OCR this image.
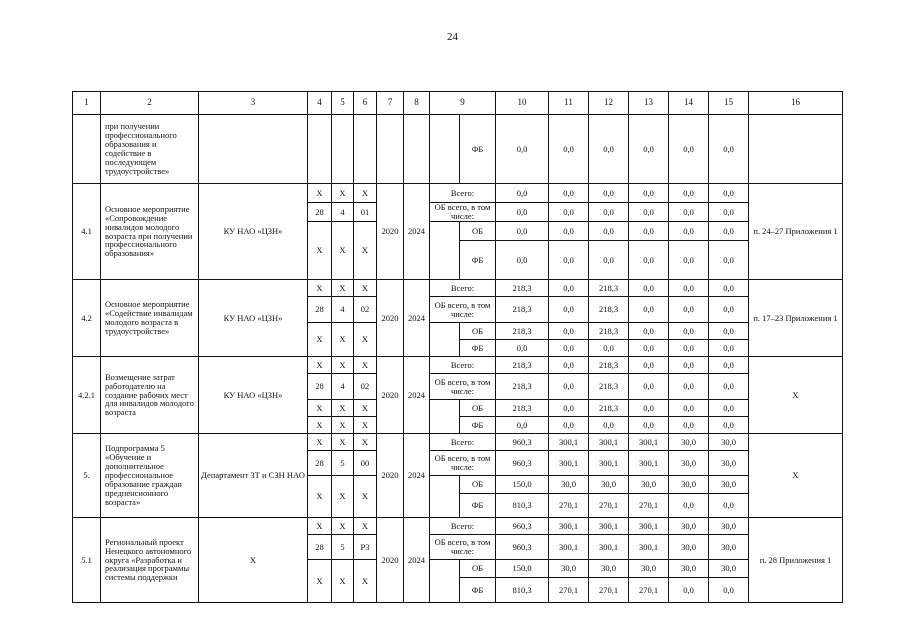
24
1	2	3	4	5	6	7	8	9		10	11	12	13	14	15	16
	при получении профессионального образования и содействие в последующем трудоустройстве»								ФБ	0,0	0,0	0,0	0,0	0,0	0,0	
4.1	Основное мероприятие «Сопровождение инвалидов молодого возраста при получении профессионального образования»	КУ НАО «ЦЗН»	Х	Х	Х	2020	2024	Всего:		0,0	0,0	0,0	0,0	0,0	0,0	п. 24–27 Приложения 1
			28	4	01			ОБ всего, в том числе:		0,0	0,0	0,0	0,0	0,0	0,0	
			Х	Х	Х				ОБ	0,0	0,0	0,0	0,0	0,0	0,0	
									ФБ	0,0	0,0	0,0	0,0	0,0	0,0	
4.2	Основное мероприятие «Содействие инвалидам молодого возраста в трудоустройстве»	КУ НАО «ЦЗН»	Х	Х	Х	2020	2024	Всего:		218,3	0,0	218,3	0,0	0,0	0,0	п. 17–23 Приложения 1
			28	4	02			ОБ всего, в том числе:		218,3	0,0	218,3	0,0	0,0	0,0	
			Х	Х	Х				ОБ	218,3	0,0	218,3	0,0	0,0	0,0	
									ФБ	0,0	0,0	0,0	0,0	0,0	0,0	
4.2.1	Возмещение затрат работодателю на создание рабочих мест для инвалидов молодого возраста	КУ НАО «ЦЗН»	Х	Х	Х	2020	2024	Всего:		218,3	0,0	218,3	0,0	0,0	0,0	Х
			28	4	02			ОБ всего, в том числе:		218,3	0,0	218,3	0,0	0,0	0,0	
			Х	Х	Х				ОБ	218,3	0,0	218,3	0,0	0,0	0,0	
			Х	Х	Х				ФБ	0,0	0,0	0,0	0,0	0,0	0,0	
5.	Подпрограмма 5 «Обучение и дополнительное профессиональное образование граждан предпенсионного возраста»	Департамент ЗТ и СЗН НАО	Х	Х	Х	2020	2024	Всего:		960,3	300,1	300,1	300,1	30,0	30,0	Х
			28	5	00			ОБ всего, в том числе:		960,3	300,1	300,1	300,1	30,0	30,0	
			Х	Х	Х				ОБ	150,0	30,0	30,0	30,0	30,0	30,0	
									ФБ	810,3	270,1	270,1	270,1	0,0	0,0	
5.1	Региональный проект Ненецкого автономного округа «Разработка и реализация программы системы поддержки	Х	Х	Х	Х	2020	2024	Всего:		960,3	300,1	300,1	300,1	30,0	30,0	п. 28 Приложения 1
			28	5	Р3			ОБ всего, в том числе:		960,3	300,1	300,1	300,1	30,0	30,0	
			Х	Х	Х				ОБ	150,0	30,0	30,0	30,0	30,0	30,0	
									ФБ	810,3	270,1	270,1	270,1	0,0	0,0	
